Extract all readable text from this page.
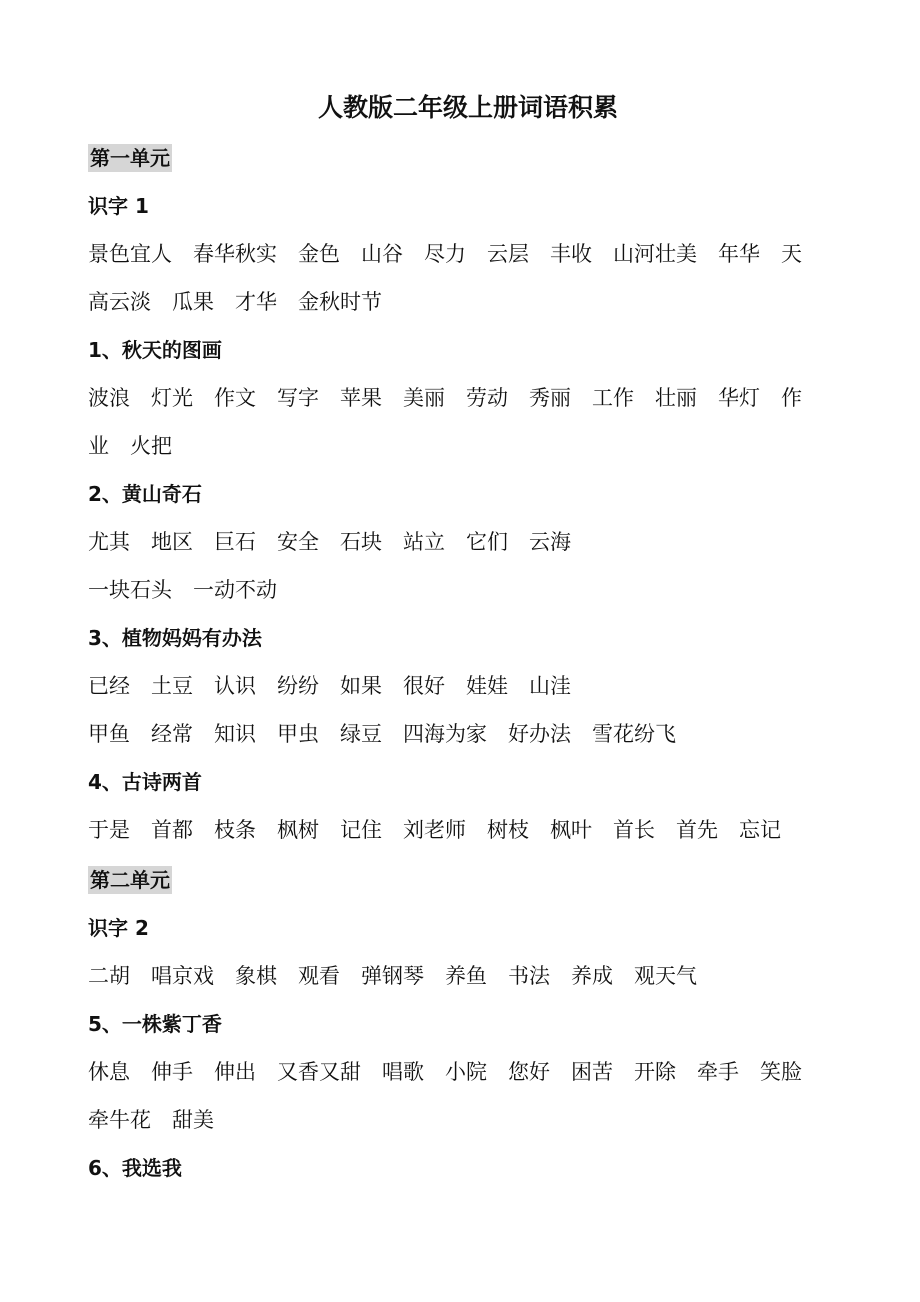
人教版二年级上册词语积累
第一单元
识字 1
景色宜人 春华秋实 金色 山谷 尽力 云层 丰收 山河壮美 年华 天
高云淡 瓜果 才华 金秋时节
1、秋天的图画
波浪 灯光 作文 写字 苹果 美丽 劳动 秀丽 工作 壮丽 华灯 作
业 火把
2、黄山奇石
尤其 地区 巨石 安全 石块 站立 它们 云海
一块石头 一动不动
3、植物妈妈有办法
已经 土豆 认识 纷纷 如果 很好 娃娃 山洼
甲鱼 经常 知识 甲虫 绿豆 四海为家 好办法 雪花纷飞
4、古诗两首
于是 首都 枝条 枫树 记住 刘老师 树枝 枫叶 首长 首先 忘记
第二单元
识字 2
二胡 唱京戏 象棋 观看 弹钢琴 养鱼 书法 养成 观天气
5、一株紫丁香
休息 伸手 伸出 又香又甜 唱歌 小院 您好 困苦 开除 牵手 笑脸
牵牛花 甜美
6、我选我
